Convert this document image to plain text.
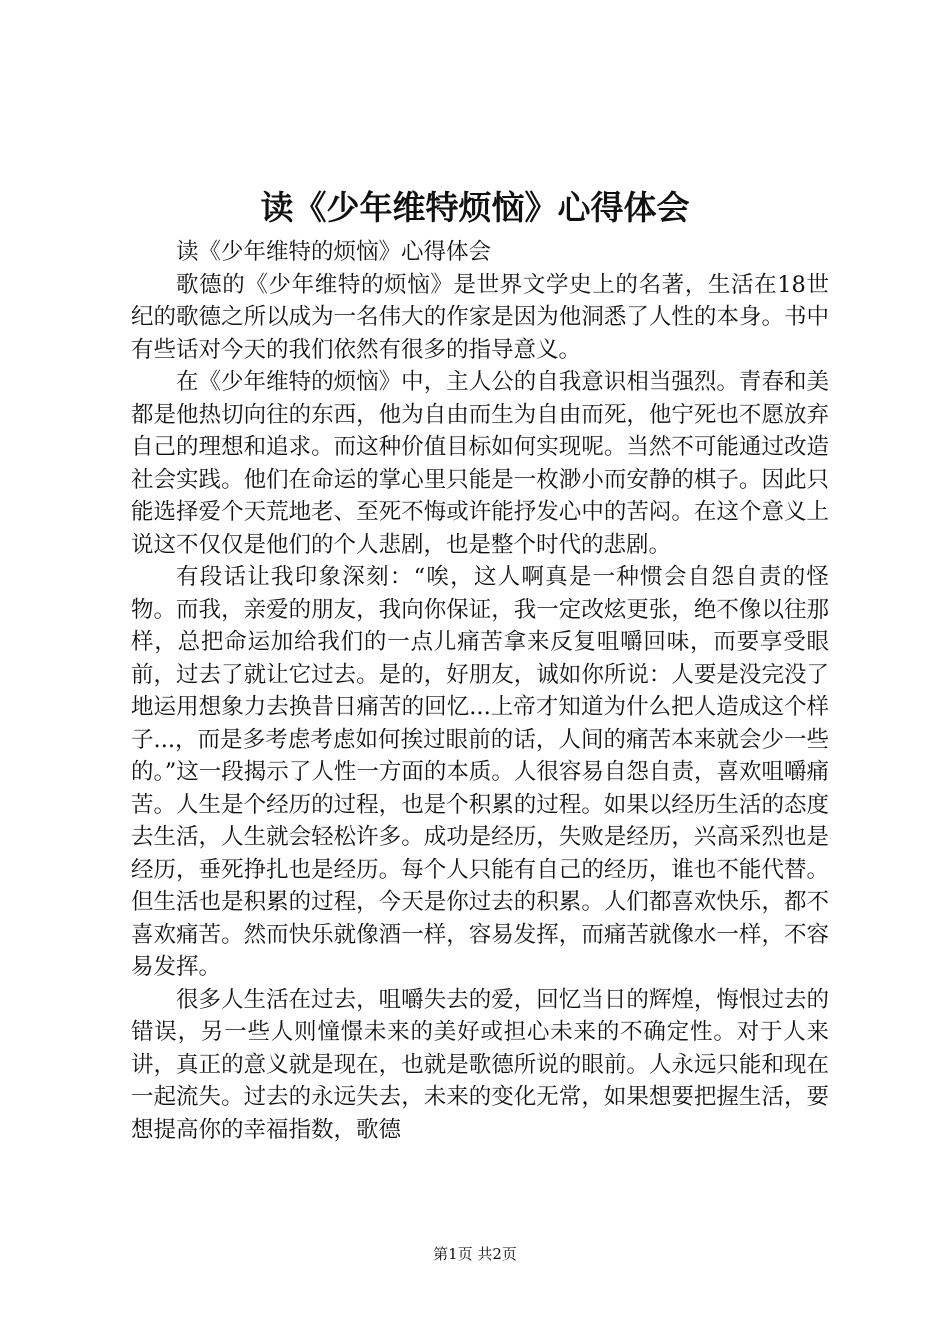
读《少年维特烦恼》心得体会

读《少年维特的烦恼》心得体会

歌德的《少年维特的烦恼》是世界文学史上的名著，生活在18世纪的歌德之所以成为一名伟大的作家是因为他洞悉了人性的本身。书中有些话对今天的我们依然有很多的指导意义。

在《少年维特的烦恼》中，主人公的自我意识相当强烈。青春和美都是他热切向往的东西，他为自由而生为自由而死，他宁死也不愿放弃自己的理想和追求。而这种价值目标如何实现呢。当然不可能通过改造社会实践。他们在命运的掌心里只能是一枚渺小而安静的棋子。因此只能选择爱个天荒地老、至死不悔或许能抒发心中的苦闷。在这个意义上说这不仅仅是他们的个人悲剧，也是整个时代的悲剧。

有段话让我印象深刻：“唉，这人啊真是一种惯会自怨自责的怪物。而我，亲爱的朋友，我向你保证，我一定改炫更张，绝不像以往那样，总把命运加给我们的一点儿痛苦拿来反复咀嚼回味，而要享受眼前，过去了就让它过去。是的，好朋友，诚如你所说：人要是没完没了地运用想象力去换昔日痛苦的回忆...上帝才知道为什么把人造成这个样子...，而是多考虑考虑如何挨过眼前的话，人间的痛苦本来就会少一些的。”这一段揭示了人性一方面的本质。人很容易自怨自责，喜欢咀嚼痛苦。人生是个经历的过程，也是个积累的过程。如果以经历生活的态度去生活，人生就会轻松许多。成功是经历，失败是经历，兴高采烈也是经历，垂死挣扎也是经历。每个人只能有自己的经历，谁也不能代替。但生活也是积累的过程，今天是你过去的积累。人们都喜欢快乐，都不喜欢痛苦。然而快乐就像酒一样，容易发挥，而痛苦就像水一样，不容易发挥。

很多人生活在过去，咀嚼失去的爱，回忆当日的辉煌，悔恨过去的错误，另一些人则憧憬未来的美好或担心未来的不确定性。对于人来讲，真正的意义就是现在，也就是歌德所说的眼前。人永远只能和现在一起流失。过去的永远失去，未来的变化无常，如果想要把握生活，要想提高你的幸福指数，歌德

第1页 共2页
